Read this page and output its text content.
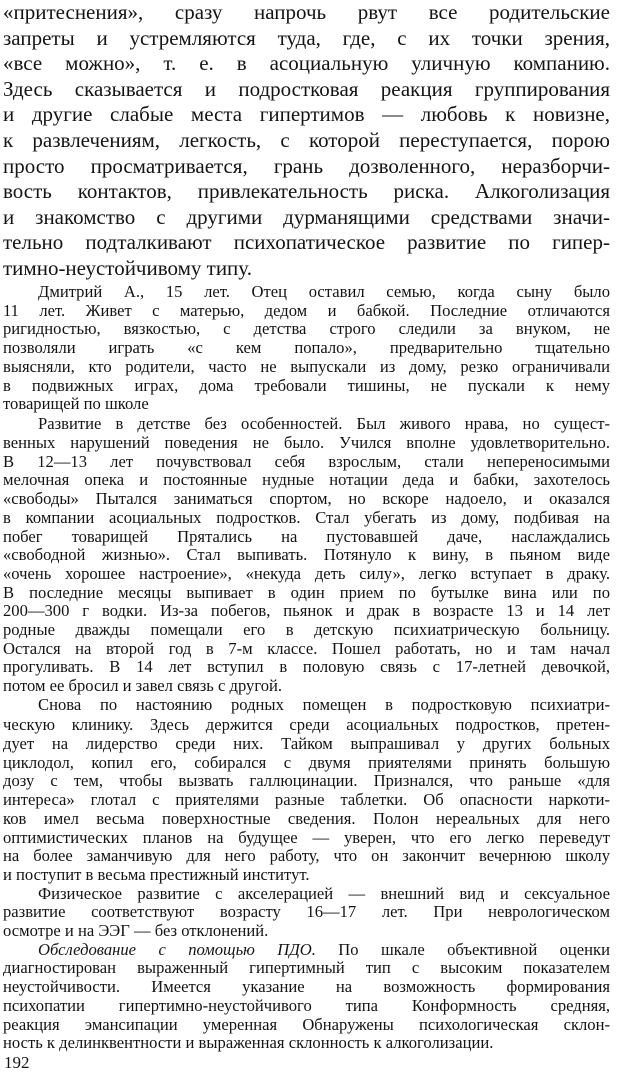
«притеснения», сразу напрочь рвут все родительские
запреты и устремляются туда, где, с их точки зрения,
«все можно», т. е. в асоциальную уличную компанию.
Здесь сказывается и подростковая реакция группирования
и другие слабые места гипертимов — любовь к новизне,
к развлечениям, легкость, с которой переступается, порою
просто просматривается, грань дозволенного, неразборчи-
вость контактов, привлекательность риска. Алкоголизация
и знакомство с другими дурманящими средствами значи-
тельно подталкивают психопатическое развитие по гипер-
тимно-неустойчивому типу.
Дмитрий А., 15 лет. Отец оставил семью, когда сыну было
11 лет. Живет с матерью, дедом и бабкой. Последние отличаются
ригидностью, вязкостью, с детства строго следили за внуком, не
позволяли играть «с кем попало», предварительно тщательно
выясняли, кто родители, часто не выпускали из дому, резко ограничивали
в подвижных играх, дома требовали тишины, не пускали к нему
товарищей по школе
Развитие в детстве без особенностей. Был живого нрава, но сущест-
венных нарушений поведения не было. Учился вполне удовлетворительно.
В 12—13 лет почувствовал себя взрослым, стали непереносимыми
мелочная опека и постоянные нудные нотации деда и бабки, захотелось
«свободы» Пытался заниматься спортом, но вскоре надоело, и оказался
в компании асоциальных подростков. Стал убегать из дому, подбивая на
побег товарищей Прятались на пустовавшей даче, наслаждались
«свободной жизнью». Стал выпивать. Потянуло к вину, в пьяном виде
«очень хорошее настроение», «некуда деть силу», легко вступает в драку.
В последние месяцы выпивает в один прием по бутылке вина или по
200—300 г водки. Из-за побегов, пьянок и драк в возрасте 13 и 14 лет
родные дважды помещали его в детскую психиатрическую больницу.
Остался на второй год в 7-м классе. Пошел работать, но и там начал
прогуливать. В 14 лет вступил в половую связь с 17-летней девочкой,
потом ее бросил и завел связь с другой.
Снова по настоянию родных помещен в подростковую психиатри-
ческую клинику. Здесь держится среди асоциальных подростков, претен-
дует на лидерство среди них. Тайком выпрашивал у других больных
циклодол, копил его, собирался с двумя приятелями принять большую
дозу с тем, чтобы вызвать галлюцинации. Признался, что раньше «для
интереса» глотал с приятелями разные таблетки. Об опасности наркоти-
ков имел весьма поверхностные сведения. Полон нереальных для него
оптимистических планов на будущее — уверен, что его легко переведут
на более заманчивую для него работу, что он закончит вечернюю школу
и поступит в весьма престижный институт.
Физическое развитие с акселерацией — внешний вид и сексуальное
развитие соответствуют возрасту 16—17 лет. При неврологическом
осмотре и на ЭЭГ — без отклонений.
Обследование с помощью ПДО. По шкале объективной оценки
диагностирован выраженный гипертимный тип с высоким показателем
неустойчивости. Имеется указание на возможность формирования
психопатии гипертимно-неустойчивого типа Конформность средняя,
реакция эмансипации умеренная Обнаружены психологическая склон-
ность к делинквентности и выраженная склонность к алкоголизации.
192
